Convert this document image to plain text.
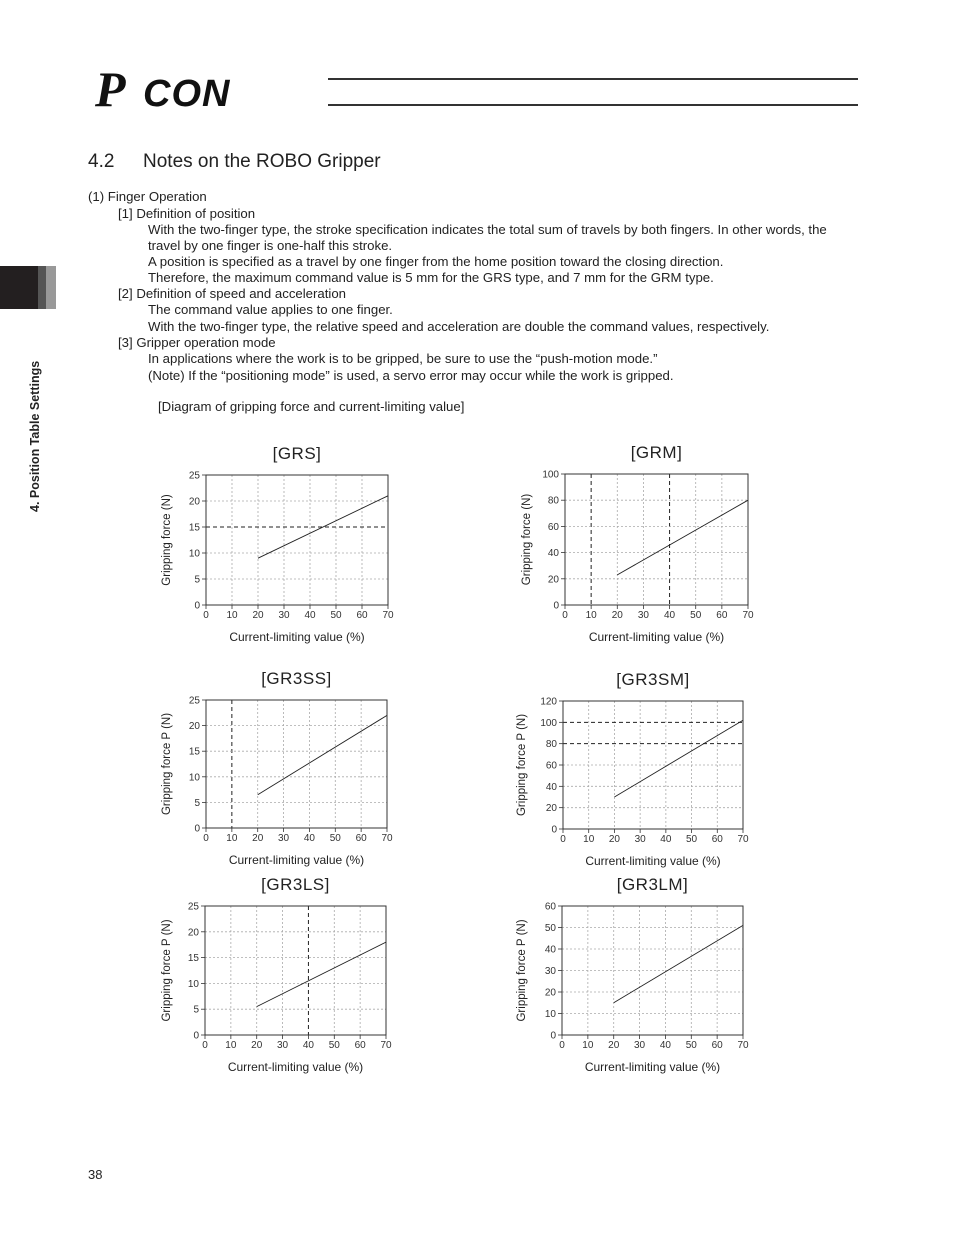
P CON
4. Position Table Settings
4.2 Notes on the ROBO Gripper
(1) Finger Operation
[1] Definition of position
With the two-finger type, the stroke specification indicates the total sum of travels by both fingers. In other words, the
travel by one finger is one-half this stroke.
A position is specified as a travel by one finger from the home position toward the closing direction.
Therefore, the maximum command value is 5 mm for the GRS type, and 7 mm for the GRM type.
[2] Definition of speed and acceleration
The command value applies to one finger.
With the two-finger type, the relative speed and acceleration are double the command values, respectively.
[3] Gripper operation mode
In applications where the work is to be gripped, be sure to use the “push-motion mode.”
(Note) If the “positioning mode” is used, a servo error may occur while the work is gripped.
[Diagram of gripping force and current-limiting value]
[GRS]
0 10 20 30 40 50 60 70
0
5
10
15
20
25
Current-limiting value (%)
Gripping force (N)
[GRM]
0 10 20 30 40 50 60 70
0
20
40
60
80
100
Current-limiting value (%)
Gripping force (N)
[GR3SS]
0 10 20 30 40 50 60 70
0
5
10
15
20
25
Current-limiting value (%)
Gripping force P (N)
[GR3SM]
0 10 20 30 40 50 60 70
0
20
40
60
80
100
120
Current-limiting value (%)
Gripping force P (N)
[GR3LS]
0 10 20 30 40 50 60 70
0
5
10
15
20
25
Current-limiting value (%)
Gripping force P (N)
[GR3LM]
0 10 20 30 40 50 60 70
0
10
20
30
40
50
60
Current-limiting value (%)
Gripping force P (N)
38
